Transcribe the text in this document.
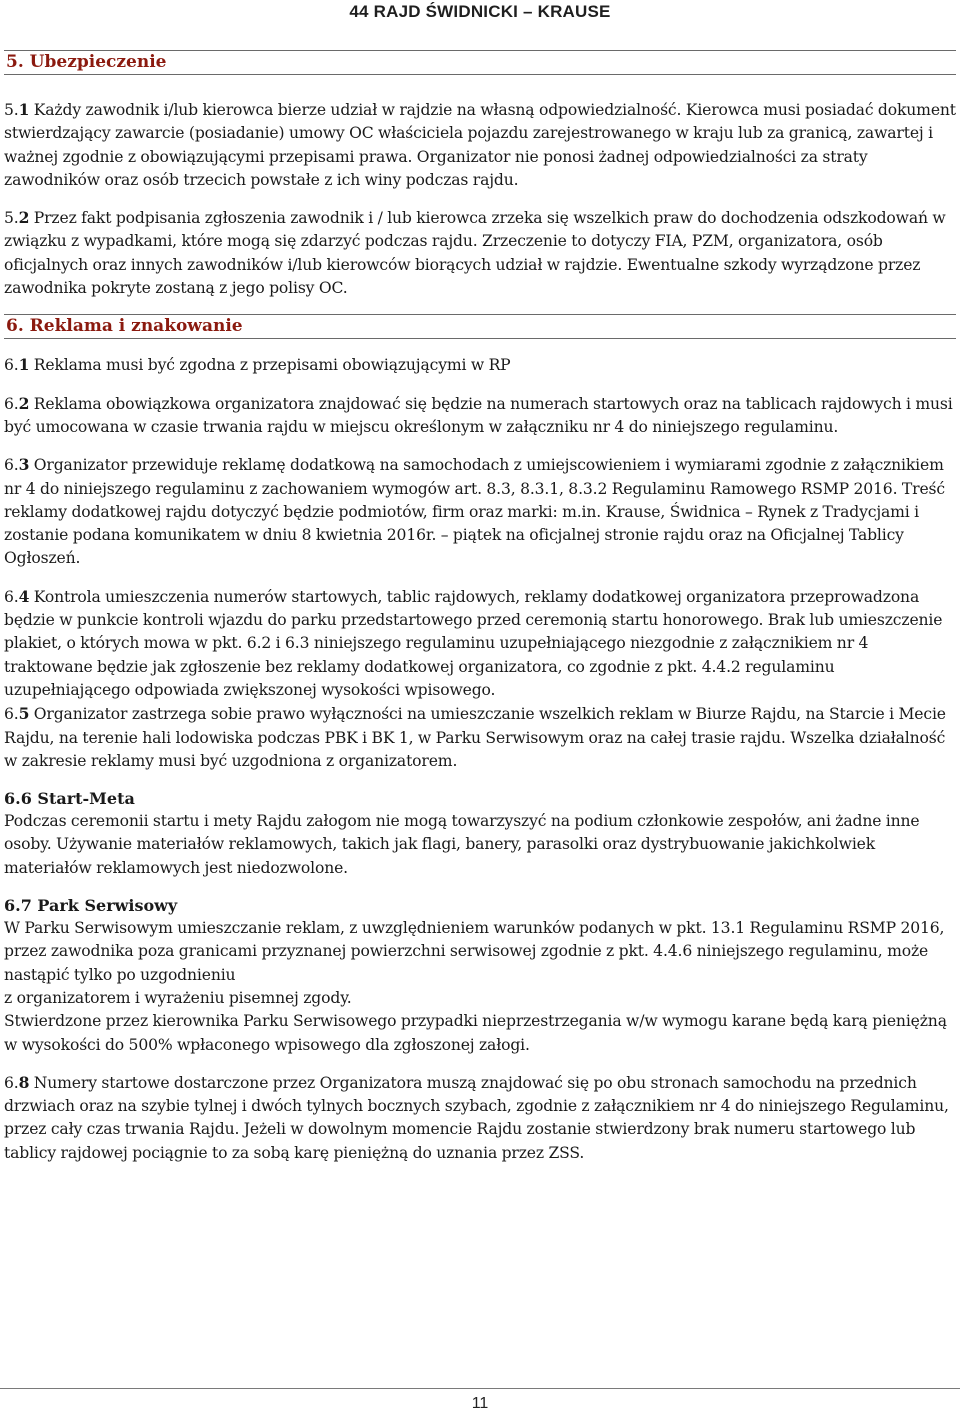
44 RAJD ŚWIDNICKI – KRAUSE
5. Ubezpieczenie

5.1 Każdy zawodnik i/lub kierowca bierze udział w rajdzie na własną odpowiedzialność. Kierowca musi posiadać dokument stwierdzający zawarcie (posiadanie) umowy OC właściciela pojazdu zarejestrowanego w kraju lub za granicą, zawartej i ważnej zgodnie z obowiązującymi przepisami prawa. Organizator nie ponosi żadnej odpowiedzialności za straty zawodników oraz osób trzecich powstałe z ich winy podczas rajdu.

5.2 Przez fakt podpisania zgłoszenia zawodnik i / lub kierowca zrzeka się wszelkich praw do dochodzenia odszkodowań w związku z wypadkami, które mogą się zdarzyć podczas rajdu. Zrzeczenie to dotyczy FIA, PZM, organizatora, osób oficjalnych oraz innych zawodników i/lub kierowców biorących udział w rajdzie. Ewentualne szkody wyrządzone przez zawodnika pokryte zostaną z jego polisy OC.

6. Reklama i znakowanie

6.1 Reklama musi być zgodna z przepisami obowiązującymi w RP

6.2 Reklama obowiązkowa organizatora znajdować się będzie na numerach startowych oraz na tablicach rajdowych i musi być umocowana w czasie trwania rajdu w miejscu określonym w załączniku nr 4 do niniejszego regulaminu.

6.3 Organizator przewiduje reklamę dodatkową na samochodach z umiejscowieniem i wymiarami zgodnie z załącznikiem nr 4 do niniejszego regulaminu z zachowaniem wymogów art. 8.3, 8.3.1, 8.3.2 Regulaminu Ramowego RSMP 2016. Treść reklamy dodatkowej rajdu dotyczyć będzie podmiotów, firm oraz marki: m.in. Krause, Świdnica – Rynek z Tradycjami i zostanie podana komunikatem w dniu 8 kwietnia 2016r. – piątek na oficjalnej stronie rajdu oraz na Oficjalnej Tablicy Ogłoszeń.

6.4 Kontrola umieszczenia numerów startowych, tablic rajdowych, reklamy dodatkowej organizatora przeprowadzona będzie w punkcie kontroli wjazdu do parku przedstartowego przed ceremonią startu honorowego. Brak lub umieszczenie plakiet, o których mowa w pkt. 6.2 i 6.3 niniejszego regulaminu uzupełniającego niezgodnie z załącznikiem nr 4 traktowane będzie jak zgłoszenie bez reklamy dodatkowej organizatora, co zgodnie z pkt. 4.4.2 regulaminu uzupełniającego odpowiada zwiększonej wysokości wpisowego.

6.5 Organizator zastrzega sobie prawo wyłączności na umieszczanie wszelkich reklam w Biurze Rajdu, na Starcie i Mecie Rajdu, na terenie hali lodowiska podczas PBK i BK 1, w Parku Serwisowym oraz na całej trasie rajdu. Wszelka działalność w zakresie reklamy musi być uzgodniona z organizatorem.

6.6 Start-Meta

Podczas ceremonii startu i mety Rajdu załogom nie mogą towarzyszyć na podium członkowie zespołów, ani żadne inne osoby. Używanie materiałów reklamowych, takich jak flagi, banery, parasolki oraz dystrybuowanie jakichkolwiek materiałów reklamowych jest niedozwolone.

6.7 Park Serwisowy

W Parku Serwisowym umieszczanie reklam, z uwzględnieniem warunków podanych w pkt. 13.1 Regulaminu RSMP 2016, przez zawodnika poza granicami przyznanej powierzchni serwisowej zgodnie z pkt. 4.4.6 niniejszego regulaminu, może nastąpić tylko po uzgodnieniu

z organizatorem i wyrażeniu pisemnej zgody.

Stwierdzone przez kierownika Parku Serwisowego przypadki nieprzestrzegania w/w wymogu karane będą karą pieniężną w wysokości do 500% wpłaconego wpisowego dla zgłoszonej załogi.

6.8 Numery startowe dostarczone przez Organizatora muszą znajdować się po obu stronach samochodu na przednich drzwiach oraz na szybie tylnej i dwóch tylnych bocznych szybach, zgodnie z załącznikiem nr 4 do niniejszego Regulaminu, przez cały czas trwania Rajdu. Jeżeli w dowolnym momencie Rajdu zostanie stwierdzony brak numeru startowego lub tablicy rajdowej pociągnie to za sobą karę pieniężną do uznania przez ZSS.

11
